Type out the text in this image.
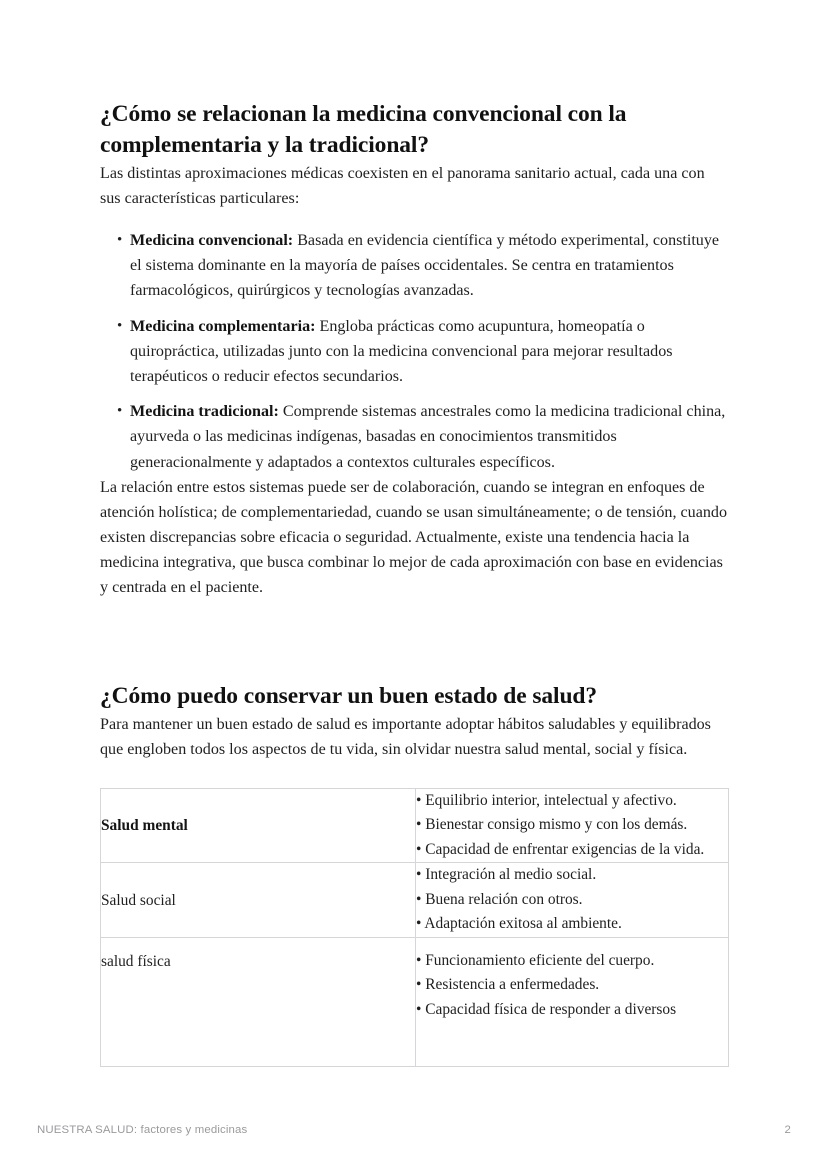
¿Cómo se relacionan la medicina convencional con la complementaria y la tradicional?

Las distintas aproximaciones médicas coexisten en el panorama sanitario actual, cada una con sus características particulares:

• Medicina convencional: Basada en evidencia científica y método experimental, constituye el sistema dominante en la mayoría de países occidentales. Se centra en tratamientos farmacológicos, quirúrgicos y tecnologías avanzadas.
• Medicina complementaria: Engloba prácticas como acupuntura, homeopatía o quiropráctica, utilizadas junto con la medicina convencional para mejorar resultados terapéuticos o reducir efectos secundarios.
• Medicina tradicional: Comprende sistemas ancestrales como la medicina tradicional china, ayurveda o las medicinas indígenas, basadas en conocimientos transmitidos generacionalmente y adaptados a contextos culturales específicos.

La relación entre estos sistemas puede ser de colaboración, cuando se integran en enfoques de atención holística; de complementariedad, cuando se usan simultáneamente; o de tensión, cuando existen discrepancias sobre eficacia o seguridad. Actualmente, existe una tendencia hacia la medicina integrativa, que busca combinar lo mejor de cada aproximación con base en evidencias y centrada en el paciente.

¿Cómo puedo conservar un buen estado de salud?

Para mantener un buen estado de salud es importante adoptar hábitos saludables y equilibrados que engloben todos los aspectos de tu vida, sin olvidar nuestra salud mental, social y física.

Salud mental	• Equilibrio interior, intelectual y afectivo.
• Bienestar consigo mismo y con los demás.
• Capacidad de enfrentar exigencias de la vida.

Salud social	• Integración al medio social.
• Buena relación con otros.
• Adaptación exitosa al ambiente.

salud física	• Funcionamiento eficiente del cuerpo.
• Resistencia a enfermedades.
• Capacidad física de responder a diversos
NUESTRA SALUD: factores y medicinas	2
